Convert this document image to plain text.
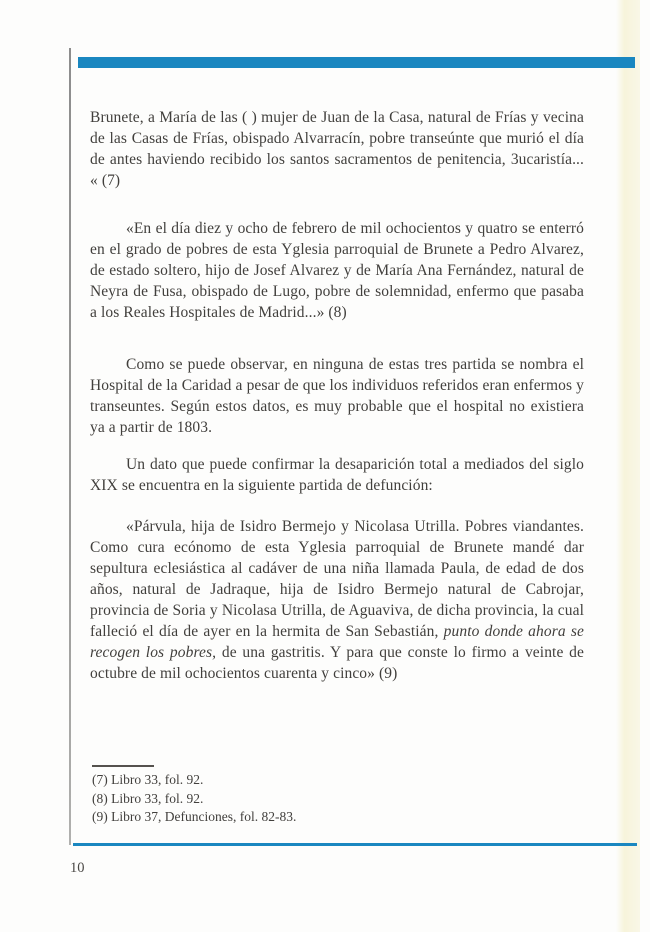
Brunete, a María de las ( ) mujer de Juan de la Casa, natural de Frías y vecina de las Casas de Frías, obispado Alvarracín, pobre transeúnte que murió el día de antes haviendo recibido los santos sacramentos de penitencia, 3ucaristía... « (7)

«En el día diez y ocho de febrero de mil ochocientos y quatro se enterró en el grado de pobres de esta Yglesia parroquial de Brunete a Pedro Alvarez, de estado soltero, hijo de Josef Alvarez y de María Ana Fernández, natural de Neyra de Fusa, obispado de Lugo, pobre de solemnidad, enfermo que pasaba a los Reales Hospitales de Madrid...» (8)

Como se puede observar, en ninguna de estas tres partida se nombra el Hospital de la Caridad a pesar de que los individuos referidos eran enfermos y transeuntes. Según estos datos, es muy probable que el hospital no existiera ya a partir de 1803.

Un dato que puede confirmar la desaparición total a mediados del siglo XIX se encuentra en la siguiente partida de defunción:

«Párvula, hija de Isidro Bermejo y Nicolasa Utrilla. Pobres viandantes. Como cura ecónomo de esta Yglesia parroquial de Brunete mandé dar sepultura eclesiástica al cadáver de una niña llamada Paula, de edad de dos años, natural de Jadraque, hija de Isidro Bermejo natural de Cabrojar, provincia de Soria y Nicolasa Utrilla, de Aguaviva, de dicha provincia, la cual falleció el día de ayer en la hermita de San Sebastián, punto donde ahora se recogen los pobres, de una gastritis. Y para que conste lo firmo a veinte de octubre de mil ochocientos cuarenta y cinco» (9)

(7) Libro 33, fol. 92.
(8) Libro 33, fol. 92.
(9) Libro 37, Defunciones, fol. 82-83.
10
